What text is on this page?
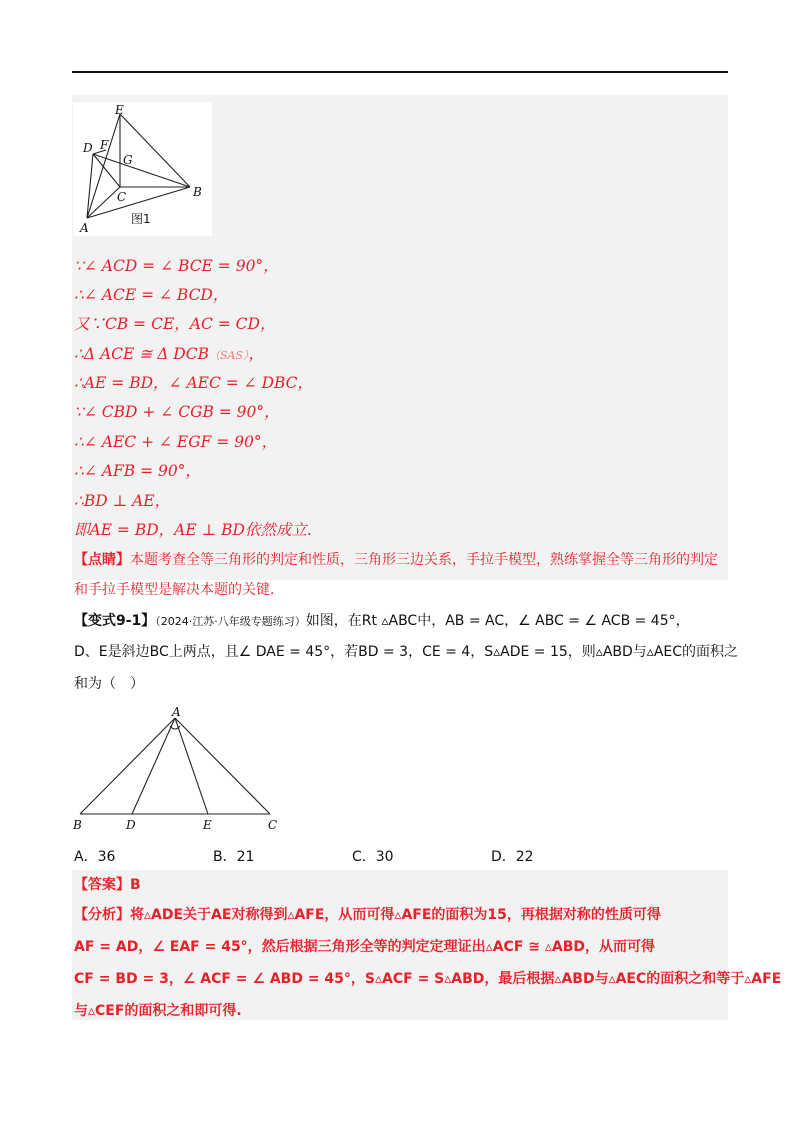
E
D F
G
C	B
A
图1
∵∠ ACD = ∠ BCE = 90°，
∴∠ ACE = ∠ BCD，
又∵CB = CE，AC = CD，
∴Δ ACE ≅ Δ DCB（SAS），
∴AE = BD，∠ AEC = ∠ DBC，
∵∠ CBD + ∠ CGB = 90°，
∴∠ AEC + ∠ EGF = 90°，
∴∠ AFB = 90°，
∴BD ⊥ AE，
即AE = BD，AE ⊥ BD依然成立.
【点睛】本题考查全等三角形的判定和性质，三角形三边关系，手拉手模型，熟练掌握全等三角形的判定
和手拉手模型是解决本题的关键.
【变式9-1】（2024·江苏·八年级专题练习）如图，在Rt ▵ABC中，AB = AC，∠ ABC = ∠ ACB = 45°，
D、E是斜边BC上两点，且∠ DAE = 45°，若BD = 3，CE = 4，S▵ADE = 15，则▵ABD与▵AEC的面积之
和为（　）
A
B	D	E	C
A．36	B．21	C．30	D．22
【答案】B
【分析】将▵ADE关于AE对称得到▵AFE，从而可得▵AFE的面积为15，再根据对称的性质可得
AF = AD，∠ EAF = 45°，然后根据三角形全等的判定定理证出▵ACF ≅ ▵ABD，从而可得
CF = BD = 3，∠ ACF = ∠ ABD = 45°，S▵ACF = S▵ABD，最后根据▵ABD与▵AEC的面积之和等于▵AFE
与▵CEF的面积之和即可得.
